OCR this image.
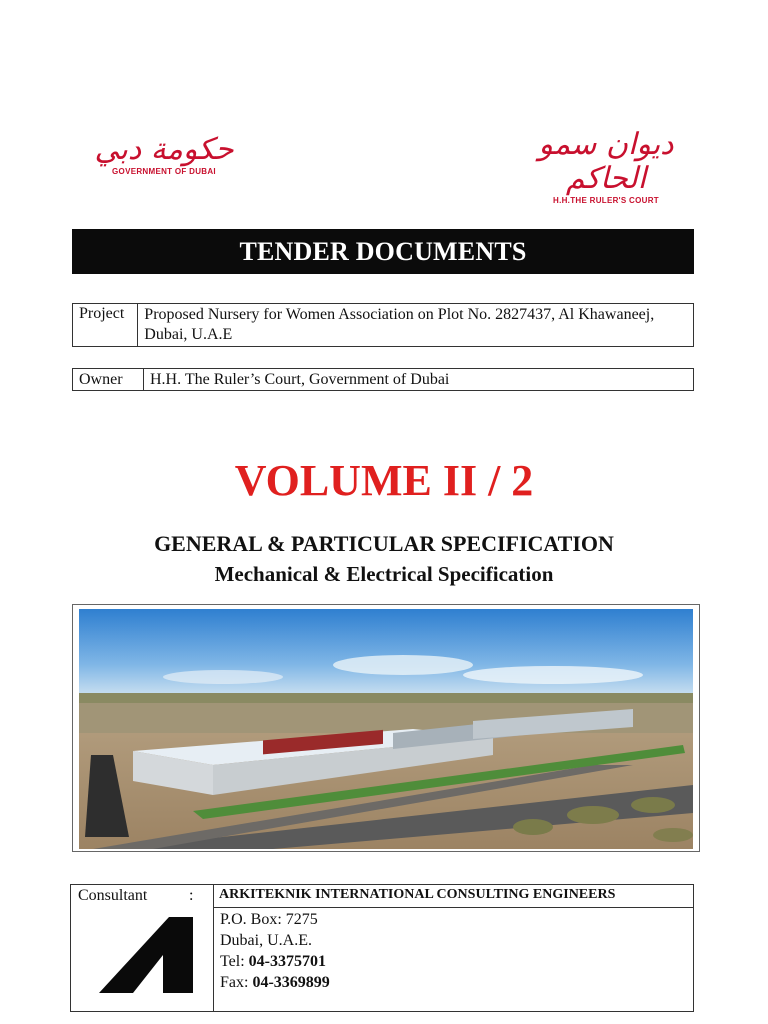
حكومة دبي
GOVERNMENT OF DUBAI
ديوان سمو الحاكم
H.H.THE RULER'S COURT
TENDER DOCUMENTS
Project	Proposed Nursery for Women Association on Plot No. 2827437, Al Khawaneej, Dubai, U.A.E
Owner	H.H. The Ruler’s Court, Government of Dubai
VOLUME II / 2
GENERAL & PARTICULAR SPECIFICATION
Mechanical & Electrical Specification
Consultant	:	ARKITEKNIK INTERNATIONAL CONSULTING ENGINEERS
P.O. Box: 7275
Dubai, U.A.E.
Tel: 04-3375701
Fax: 04-3369899
